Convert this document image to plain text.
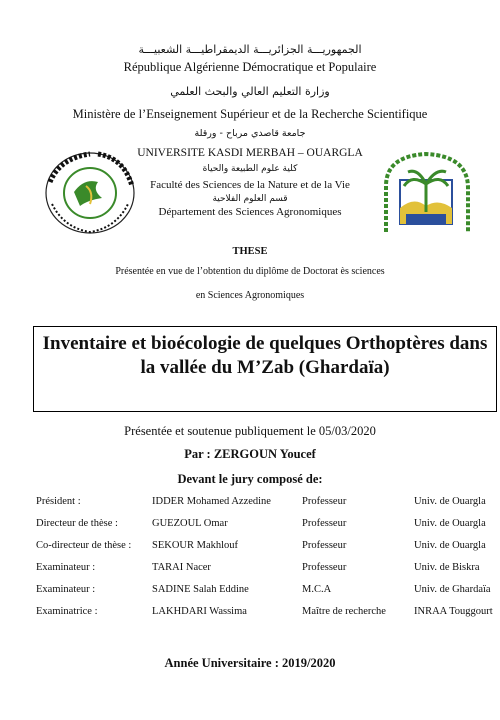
الجمهوريـــة الجزائريـــة الديمقراطيـــة الشعبيـــة
République Algérienne Démocratique et Populaire
وزارة التعليم العالي والبحث العلمي
Ministère de l’Enseignement Supérieur et de la Recherche Scientifique
جامعة قاصدي مرباح - ورقلة
UNIVERSITE KASDI MERBAH – OUARGLA
كلية علوم الطبيعة والحياة
Faculté des Sciences de la Nature et de la Vie
قسم العلوم الفلاحية
Département des Sciences Agronomiques
THESE
Présentée en vue de l’obtention du diplôme de Doctorat ès sciences
en Sciences Agronomiques
Inventaire et bioécologie de quelques Orthoptères dans
la vallée du M’Zab (Ghardaïa)
Présentée et soutenue publiquement le 05/03/2020
Par : ZERGOUN Youcef
Devant le jury composé de:
Président :	IDDER Mohamed Azzedine	Professeur	Univ. de Ouargla
Directeur de thèse :	GUEZOUL Omar	Professeur	Univ. de Ouargla
Co-directeur de thèse :	SEKOUR Makhlouf	Professeur	Univ. de Ouargla
Examinateur :	TARAI Nacer	Professeur	Univ. de Biskra
Examinateur :	SADINE Salah Eddine	M.C.A	Univ. de Ghardaïa
Examinatrice :	LAKHDARI Wassima	Maître de recherche	INRAA Touggourt
Année Universitaire : 2019/2020
